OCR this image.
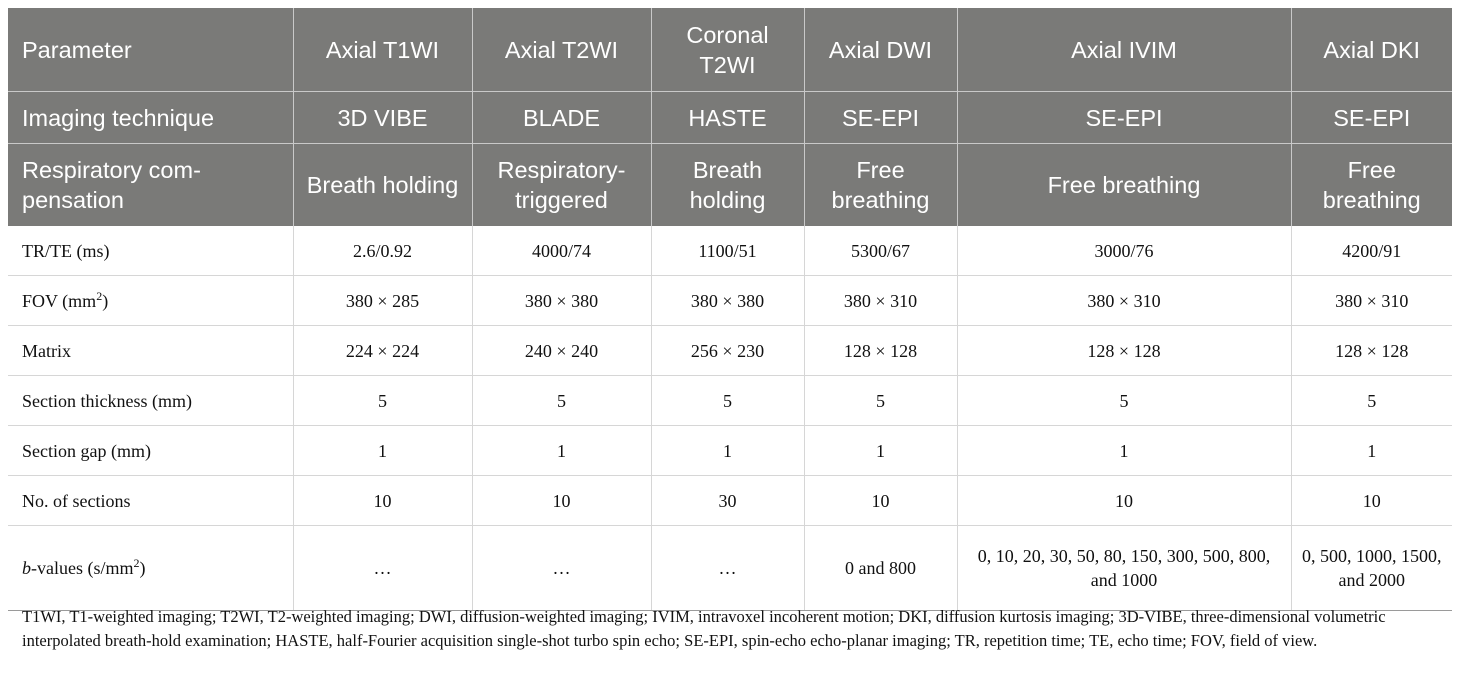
Parameter	Axial T1WI	Axial T2WI	Coronal T2WI	Axial DWI	Axial IVIM	Axial DKI
Imaging technique	3D VIBE	BLADE	HASTE	SE-EPI	SE-EPI	SE-EPI
Respiratory compensation	Breath holding	Respiratory-triggered	Breath holding	Free breathing	Free breathing	Free breathing
TR/TE (ms)	2.6/0.92	4000/74	1100/51	5300/67	3000/76	4200/91
FOV $(mm^2)$	380 × 285	380 × 380	380 × 380	380 × 310	380 × 310	380 × 310
Matrix	224 × 224	240 × 240	256 × 230	128 × 128	128 × 128	128 × 128
Section thickness (mm)	5	5	5	5	5	5
Section gap (mm)	1	1	1	1	1	1
No. of sections	10	10	30	10	10	10
b-values $(s/mm^2)$	…	…	…	0 and 800	0, 10, 20, 30, 50, 80, 150, 300, 500, 800, and 1000	0, 500, 1000, 1500, and 2000
T1WI, T1-weighted imaging; T2WI, T2-weighted imaging; DWI, diffusion-weighted imaging; IVIM, intravoxel incoherent motion; DKI, diffusion kurtosis imaging; 3D-VIBE, three-dimensional volumetric interpolated breath-hold examination; HASTE, half-Fourier acquisition single-shot turbo spin echo; SE-EPI, spin-echo echo-planar imaging; TR, repetition time; TE, echo time; FOV, field of view.
